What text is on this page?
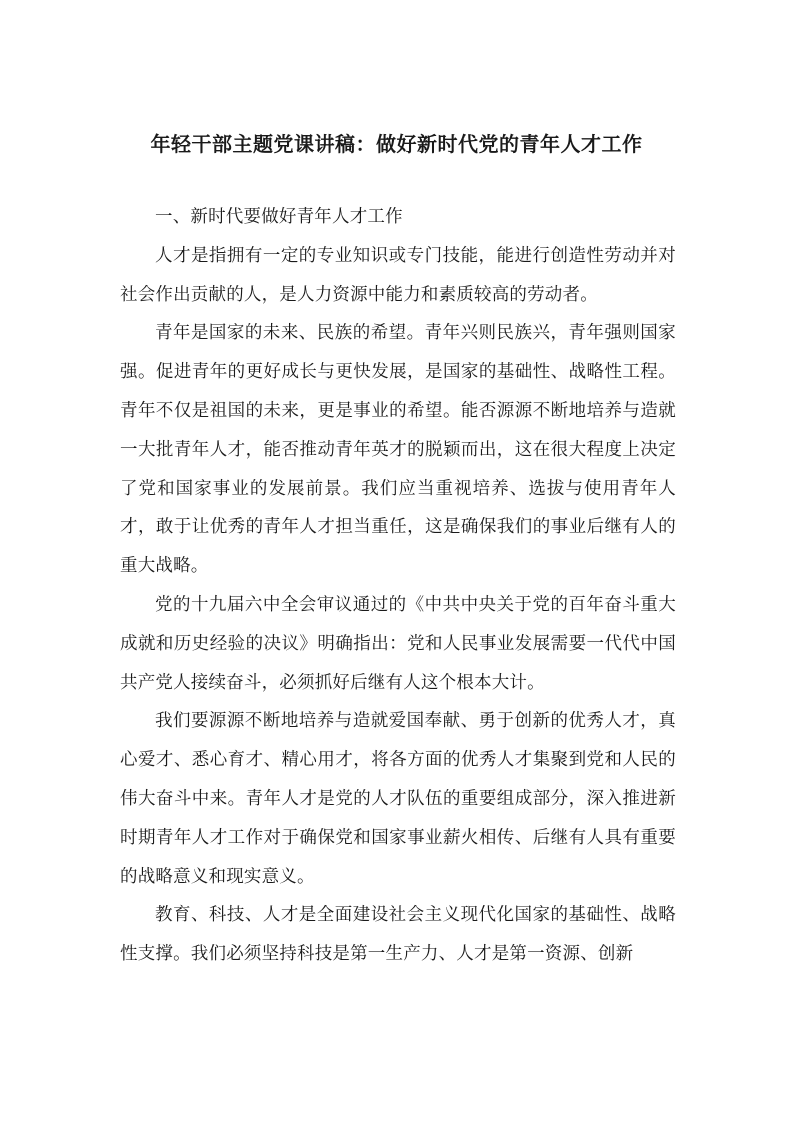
年轻干部主题党课讲稿：做好新时代党的青年人才工作

一、新时代要做好青年人才工作

人才是指拥有一定的专业知识或专门技能，能进行创造性劳动并对社会作出贡献的人，是人力资源中能力和素质较高的劳动者。

青年是国家的未来、民族的希望。青年兴则民族兴，青年强则国家强。促进青年的更好成长与更快发展，是国家的基础性、战略性工程。青年不仅是祖国的未来，更是事业的希望。能否源源不断地培养与造就一大批青年人才，能否推动青年英才的脱颖而出，这在很大程度上决定了党和国家事业的发展前景。我们应当重视培养、选拔与使用青年人才，敢于让优秀的青年人才担当重任，这是确保我们的事业后继有人的重大战略。

党的十九届六中全会审议通过的《中共中央关于党的百年奋斗重大成就和历史经验的决议》明确指出：党和人民事业发展需要一代代中国共产党人接续奋斗，必须抓好后继有人这个根本大计。

我们要源源不断地培养与造就爱国奉献、勇于创新的优秀人才，真心爱才、悉心育才、精心用才，将各方面的优秀人才集聚到党和人民的伟大奋斗中来。青年人才是党的人才队伍的重要组成部分，深入推进新时期青年人才工作对于确保党和国家事业薪火相传、后继有人具有重要的战略意义和现实意义。

教育、科技、人才是全面建设社会主义现代化国家的基础性、战略性支撑。我们必须坚持科技是第一生产力、人才是第一资源、创新
